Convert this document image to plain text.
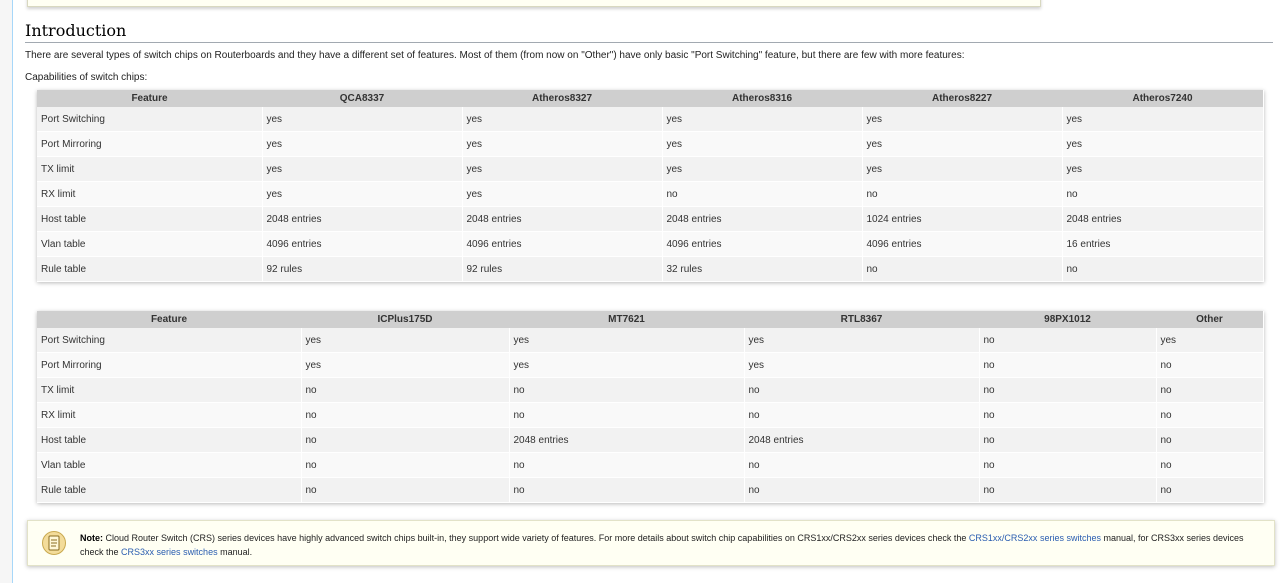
Introduction
There are several types of switch chips on Routerboards and they have a different set of features. Most of them (from now on "Other") have only basic "Port Switching" feature, but there are few with more features:
Capabilities of switch chips:
Feature	QCA8337	Atheros8327	Atheros8316	Atheros8227	Atheros7240
Port Switching	yes	yes	yes	yes	yes
Port Mirroring	yes	yes	yes	yes	yes
TX limit	yes	yes	yes	yes	yes
RX limit	yes	yes	no	no	no
Host table	2048 entries	2048 entries	2048 entries	1024 entries	2048 entries
Vlan table	4096 entries	4096 entries	4096 entries	4096 entries	16 entries
Rule table	92 rules	92 rules	32 rules	no	no
Feature	ICPlus175D	MT7621	RTL8367	98PX1012	Other
Port Switching	yes	yes	yes	no	yes
Port Mirroring	yes	yes	yes	no	no
TX limit	no	no	no	no	no
RX limit	no	no	no	no	no
Host table	no	2048 entries	2048 entries	no	no
Vlan table	no	no	no	no	no
Rule table	no	no	no	no	no
Note: Cloud Router Switch (CRS) series devices have highly advanced switch chips built-in, they support wide variety of features. For more details about switch chip capabilities on CRS1xx/CRS2xx series devices check the CRS1xx/CRS2xx series switches manual, for CRS3xx series devices check the CRS3xx series switches manual.
